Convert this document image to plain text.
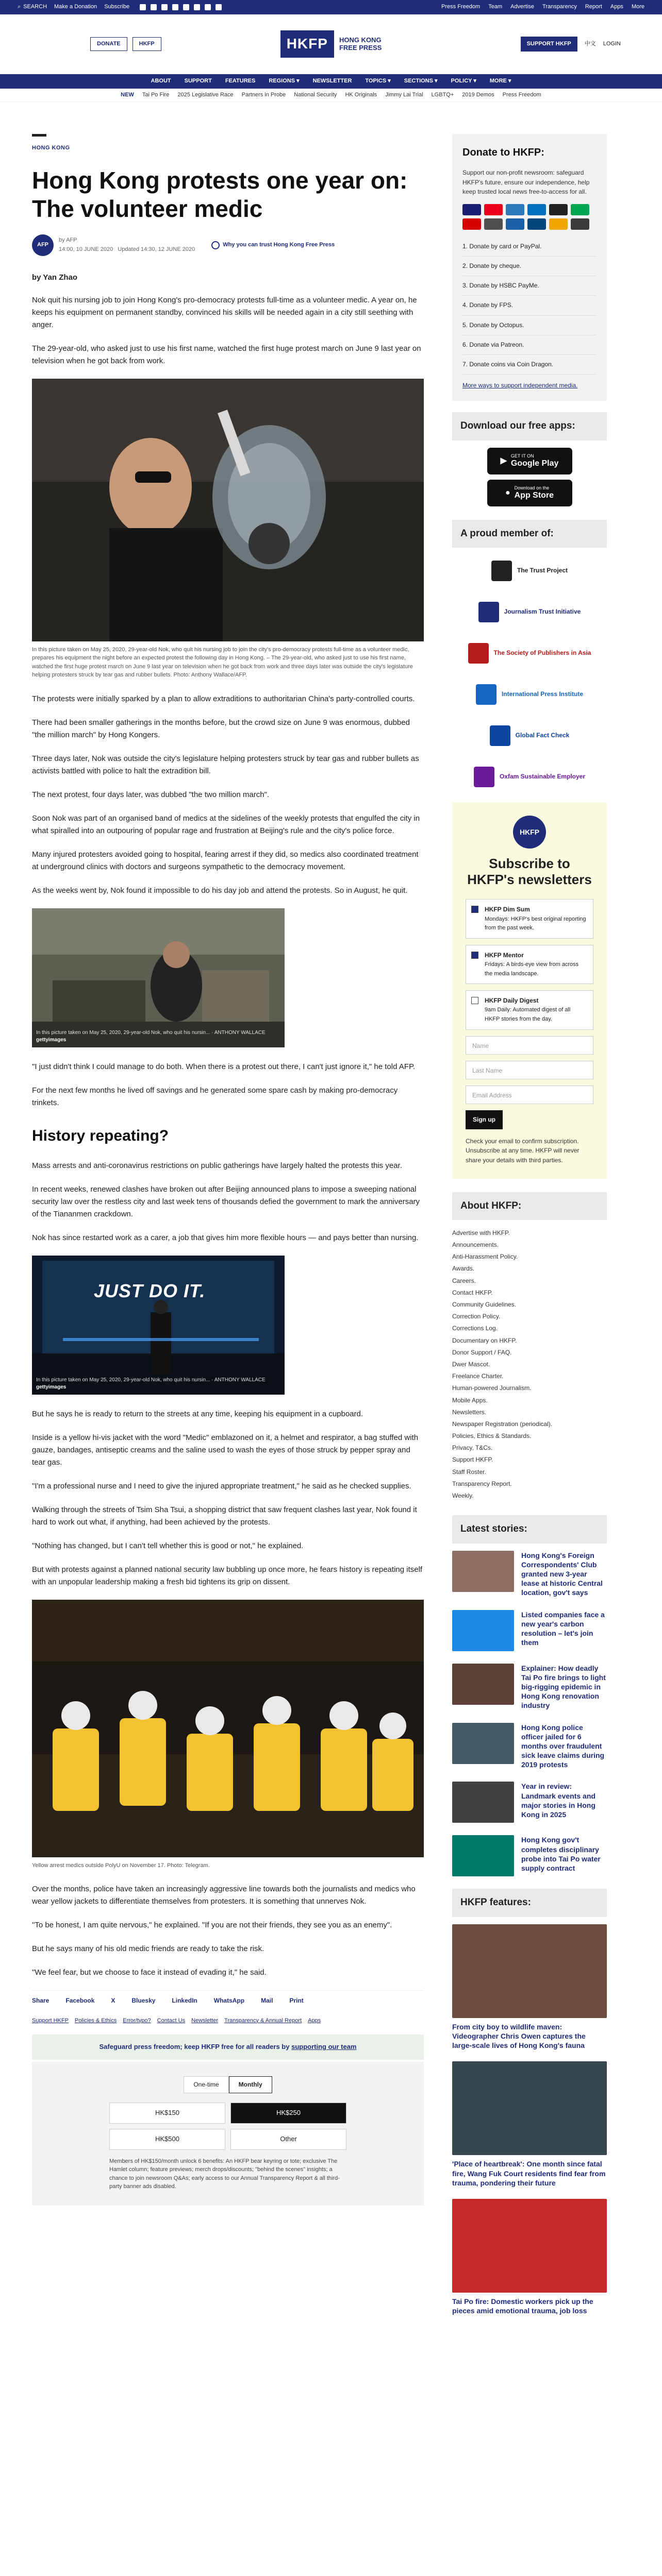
⌕ SEARCH Make a Donation Subscribe	Press Freedom Team Advertise Transparency Report Apps More
DONATE	HKFP	HKFP	HONG KONG
FREE PRESS
SUPPORT HKFP	中文 LOGIN
ABOUT SUPPORT FEATURES REGIONS ▾ NEWSLETTER TOPICS ▾ SECTIONS ▾ POLICY ▾ MORE ▾
NEW Tai Po Fire 2025 Legislative Race Partners in Probe National Security HK Originals Jimmy Lai Trial LGBTQ+ 2019 Demos Press Freedom
HONG KONG
Hong Kong protests one year on: The volunteer medic
AFP
by AFP
14:00, 10 JUNE 2020 Updated 14:30, 12 JUNE 2020
Why you can trust Hong Kong Free Press
by Yan Zhao

Nok quit his nursing job to join Hong Kong's pro-democracy protests full-time as a volunteer medic. A year on, he keeps his equipment on permanent standby, convinced his skills will be needed again in a city still seething with anger.

The 29-year-old, who asked just to use his first name, watched the first huge protest march on June 9 last year on television when he got back from work.

In this picture taken on May 25, 2020, 29-year-old Nok, who quit his nursing job to join the city's pro-democracy protests full-time as a volunteer medic, prepares his equipment the night before an expected protest the following day in Hong Kong. – The 29-year-old, who asked just to use his first name, watched the first huge protest march on June 9 last year on television when he got back from work and three days later was outside the city's legislature helping protesters struck by tear gas and rubber bullets. Photo: Anthony Wallace/AFP.

The protests were initially sparked by a plan to allow extraditions to authoritarian China's party-controlled courts.

There had been smaller gatherings in the months before, but the crowd size on June 9 was enormous, dubbed "the million march" by Hong Kongers.

Three days later, Nok was outside the city's legislature helping protesters struck by tear gas and rubber bullets as activists battled with police to halt the extradition bill.

The next protest, four days later, was dubbed "the two million march".

Soon Nok was part of an organised band of medics at the sidelines of the weekly protests that engulfed the city in what spiralled into an outpouring of popular rage and frustration at Beijing's rule and the city's police force.

Many injured protesters avoided going to hospital, fearing arrest if they did, so medics also coordinated treatment at underground clinics with doctors and surgeons sympathetic to the democracy movement.

As the weeks went by, Nok found it impossible to do his day job and attend the protests. So in August, he quit.

In this picture taken on May 25, 2020, 29-year-old Nok, who quit his nursin... · ANTHONY WALLACE
gettyimages

"I just didn't think I could manage to do both. When there is a protest out there, I can't just ignore it," he told AFP.

For the next few months he lived off savings and he generated some spare cash by making pro-democracy trinkets.

History repeating?

Mass arrests and anti-coronavirus restrictions on public gatherings have largely halted the protests this year.

In recent weeks, renewed clashes have broken out after Beijing announced plans to impose a sweeping national security law over the restless city and last week tens of thousands defied the government to mark the anniversary of the Tiananmen crackdown.

Nok has since restarted work as a carer, a job that gives him more flexible hours — and pays better than nursing.

JUST DO IT.
In this picture taken on May 25, 2020, 29-year-old Nok, who quit his nursin... · ANTHONY WALLACE
gettyimages

But he says he is ready to return to the streets at any time, keeping his equipment in a cupboard.

Inside is a yellow hi-vis jacket with the word "Medic" emblazoned on it, a helmet and respirator, a bag stuffed with gauze, bandages, antiseptic creams and the saline used to wash the eyes of those struck by pepper spray and tear gas.

"I'm a professional nurse and I need to give the injured appropriate treatment," he said as he checked supplies.

Walking through the streets of Tsim Sha Tsui, a shopping district that saw frequent clashes last year, Nok found it hard to work out what, if anything, had been achieved by the protests.

"Nothing has changed, but I can't tell whether this is good or not," he explained.

But with protests against a planned national security law bubbling up once more, he fears history is repeating itself with an unpopular leadership making a fresh bid tightens its grip on dissent.

Yellow arrest medics outside PolyU on November 17. Photo: Telegram.

Over the months, police have taken an increasingly aggressive line towards both the journalists and medics who wear yellow jackets to differentiate themselves from protesters. It is something that unnerves Nok.

"To be honest, I am quite nervous," he explained. "If you are not their friends, they see you as an enemy".

But he says many of his old medic friends are ready to take the risk.

"We feel fear, but we choose to face it instead of evading it," he said.

Share	Facebook	X	Bluesky	LinkedIn	WhatsApp	Mail	Print
Support HKFP Policies & Ethics Error/typo? Contact Us Newsletter Transparency & Annual Report Apps
Safeguard press freedom; keep HKFP free for all readers by supporting our team
One-time	Monthly
HK$150	HK$250
HK$500	Other
Members of HK$150/month unlock 6 benefits: An HKFP bear keyring or tote; exclusive The Hamlet column; feature previews; merch drops/discounts; "behind the scenes" insights; a chance to join newsroom Q&As; early access to our Annual Transparency Report & all third-party banner ads disabled.
Donate to HKFP:
Support our non-profit newsroom: safeguard HKFP's future, ensure our independence, help keep trusted local news free-to-access for all.
1. Donate by card or PayPal.
2. Donate by cheque.
3. Donate by HSBC PayMe.
4. Donate by FPS.
5. Donate by Octopus.
6. Donate via Patreon.
7. Donate coins via Coin Dragon.
More ways to support independent media.
Download our free apps:
▶
GET IT ON
Google Play
●
Download on the
App Store
A proud member of:
The Trust Project
Journalism Trust Initiative
The Society of Publishers in Asia
International Press Institute
Global Fact Check
Oxfam Sustainable Employer
HKFP
Subscribe to HKFP's newsletters
HKFP Dim Sum
Mondays: HKFP's best original reporting from the past week.
HKFP Mentor
Fridays: A birds-eye view from across the media landscape.
HKFP Daily Digest
9am Daily: Automated digest of all HKFP stories from the day.
Name
Last Name
Email Address
Sign up
Check your email to confirm subscription. Unsubscribe at any time. HKFP will never share your details with third parties.
About HKFP:
Advertise with HKFP.
Announcements.
Anti-Harassment Policy.
Awards.
Careers.
Contact HKFP.
Community Guidelines.
Correction Policy.
Corrections Log.
Documentary on HKFP.
Donor Support / FAQ.
Dwer Mascot.
Freelance Charter.
Human-powered Journalism.
Mobile Apps.
Newsletters.
Newspaper Registration (periodical).
Policies, Ethics & Standards.
Privacy, T&Cs.
Support HKFP.
Staff Roster.
Transparency Report.
Weekly.
Latest stories:
Hong Kong's Foreign Correspondents' Club granted new 3-year lease at historic Central location, gov't says
Listed companies face a new year's carbon resolution – let's join them
Explainer: How deadly Tai Po fire brings to light big-rigging epidemic in Hong Kong renovation industry
Hong Kong police officer jailed for 6 months over fraudulent sick leave claims during 2019 protests
Year in review: Landmark events and major stories in Hong Kong in 2025
Hong Kong gov't completes disciplinary probe into Tai Po water supply contract
HKFP features:
From city boy to wildlife maven: Videographer Chris Owen captures the large-scale lives of Hong Kong's fauna
'Place of heartbreak': One month since fatal fire, Wang Fuk Court residents find fear from trauma, pondering their future
Tai Po fire: Domestic workers pick up the pieces amid emotional trauma, job loss
